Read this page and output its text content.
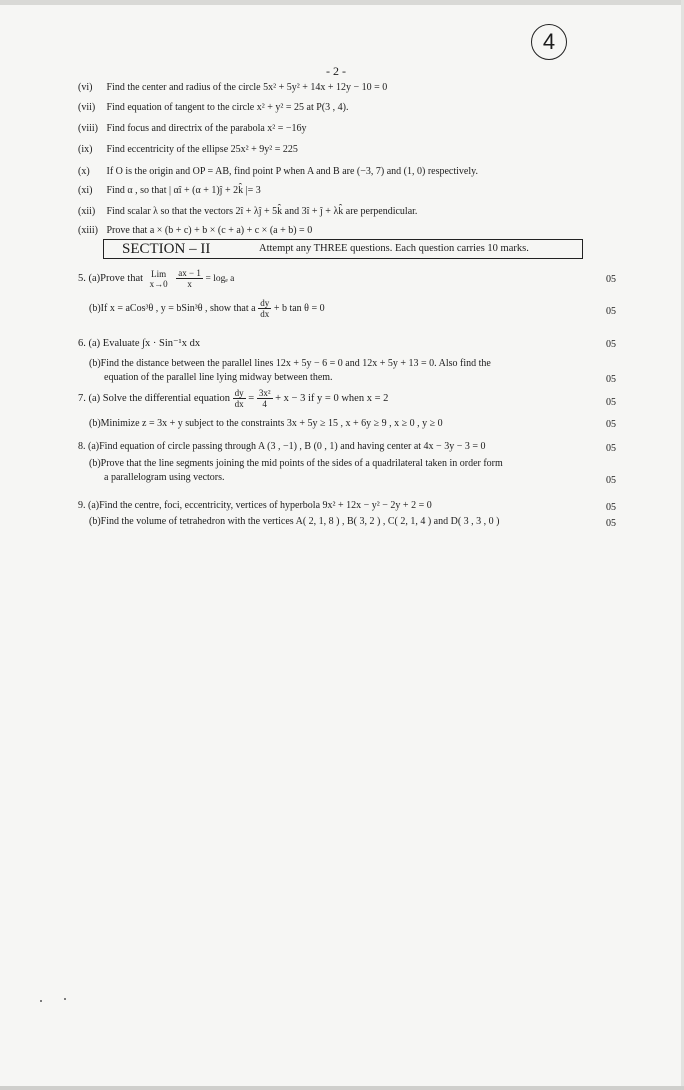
4
- 2 -
(vi) Find the center and radius of the circle 5x² + 5y² + 14x + 12y − 10 = 0
(vii) Find equation of tangent to the circle x² + y² = 25 at P(3 , 4).
(viii) Find focus and directrix of the parabola x² = −16y
(ix) Find eccentricity of the ellipse 25x² + 9y² = 225
(x) If O is the origin and OP = AB, find point P when A and B are (−3, 7) and (1, 0) respectively.
(xi) Find α , so that | αî + (α + 1)ĵ + 2k̂ |= 3
(xii) Find scalar λ so that the vectors 2î + λĵ + 5k̂ and 3î + ĵ + λk̂ are perpendicular.
(xiii) Prove that a × (b + c) + b × (c + a) + c × (a + b) = 0
SECTION – II	Attempt any THREE questions. Each question carries 10 marks.
5. (a)Prove that Lim
x→0
$\frac{ax - 1}{x} = \log_e$ a	05
(b)If x = aCos³θ , y = bSin³θ , show that a $\frac{dy}{dx} + b$ tan θ = 0	05
6. (a) Evaluate ∫x · Sin⁻¹x dx	05
(b)Find the distance between the parallel lines 12x + 5y − 6 = 0 and 12x + 5y + 13 = 0. Also find the
equation of the parallel line lying midway between them.	05
7. (a) Solve the differential equation $\frac{dy}{dx} = \frac{\text{3x²}}{4} + x - 3$ if y = 0 when x = 2	05
(b)Minimize z = 3x + y subject to the constraints 3x + 5y ≥ 15 , x + 6y ≥ 9 , x ≥ 0 , y ≥ 0	05
8. (a)Find equation of circle passing through A (3 , −1) , B (0 , 1) and having center at 4x − 3y − 3 = 0	05
(b)Prove that the line segments joining the mid points of the sides of a quadrilateral taken in order form
a parallelogram using vectors.	05
9. (a)Find the centre, foci, eccentricity, vertices of hyperbola 9x² + 12x − y² − 2y + 2 = 0	05
(b)Find the volume of tetrahedron with the vertices A( 2, 1, 8 ) , B( 3, 2 ) , C( 2, 1, 4 ) and D( 3 , 3 , 0 )	05
